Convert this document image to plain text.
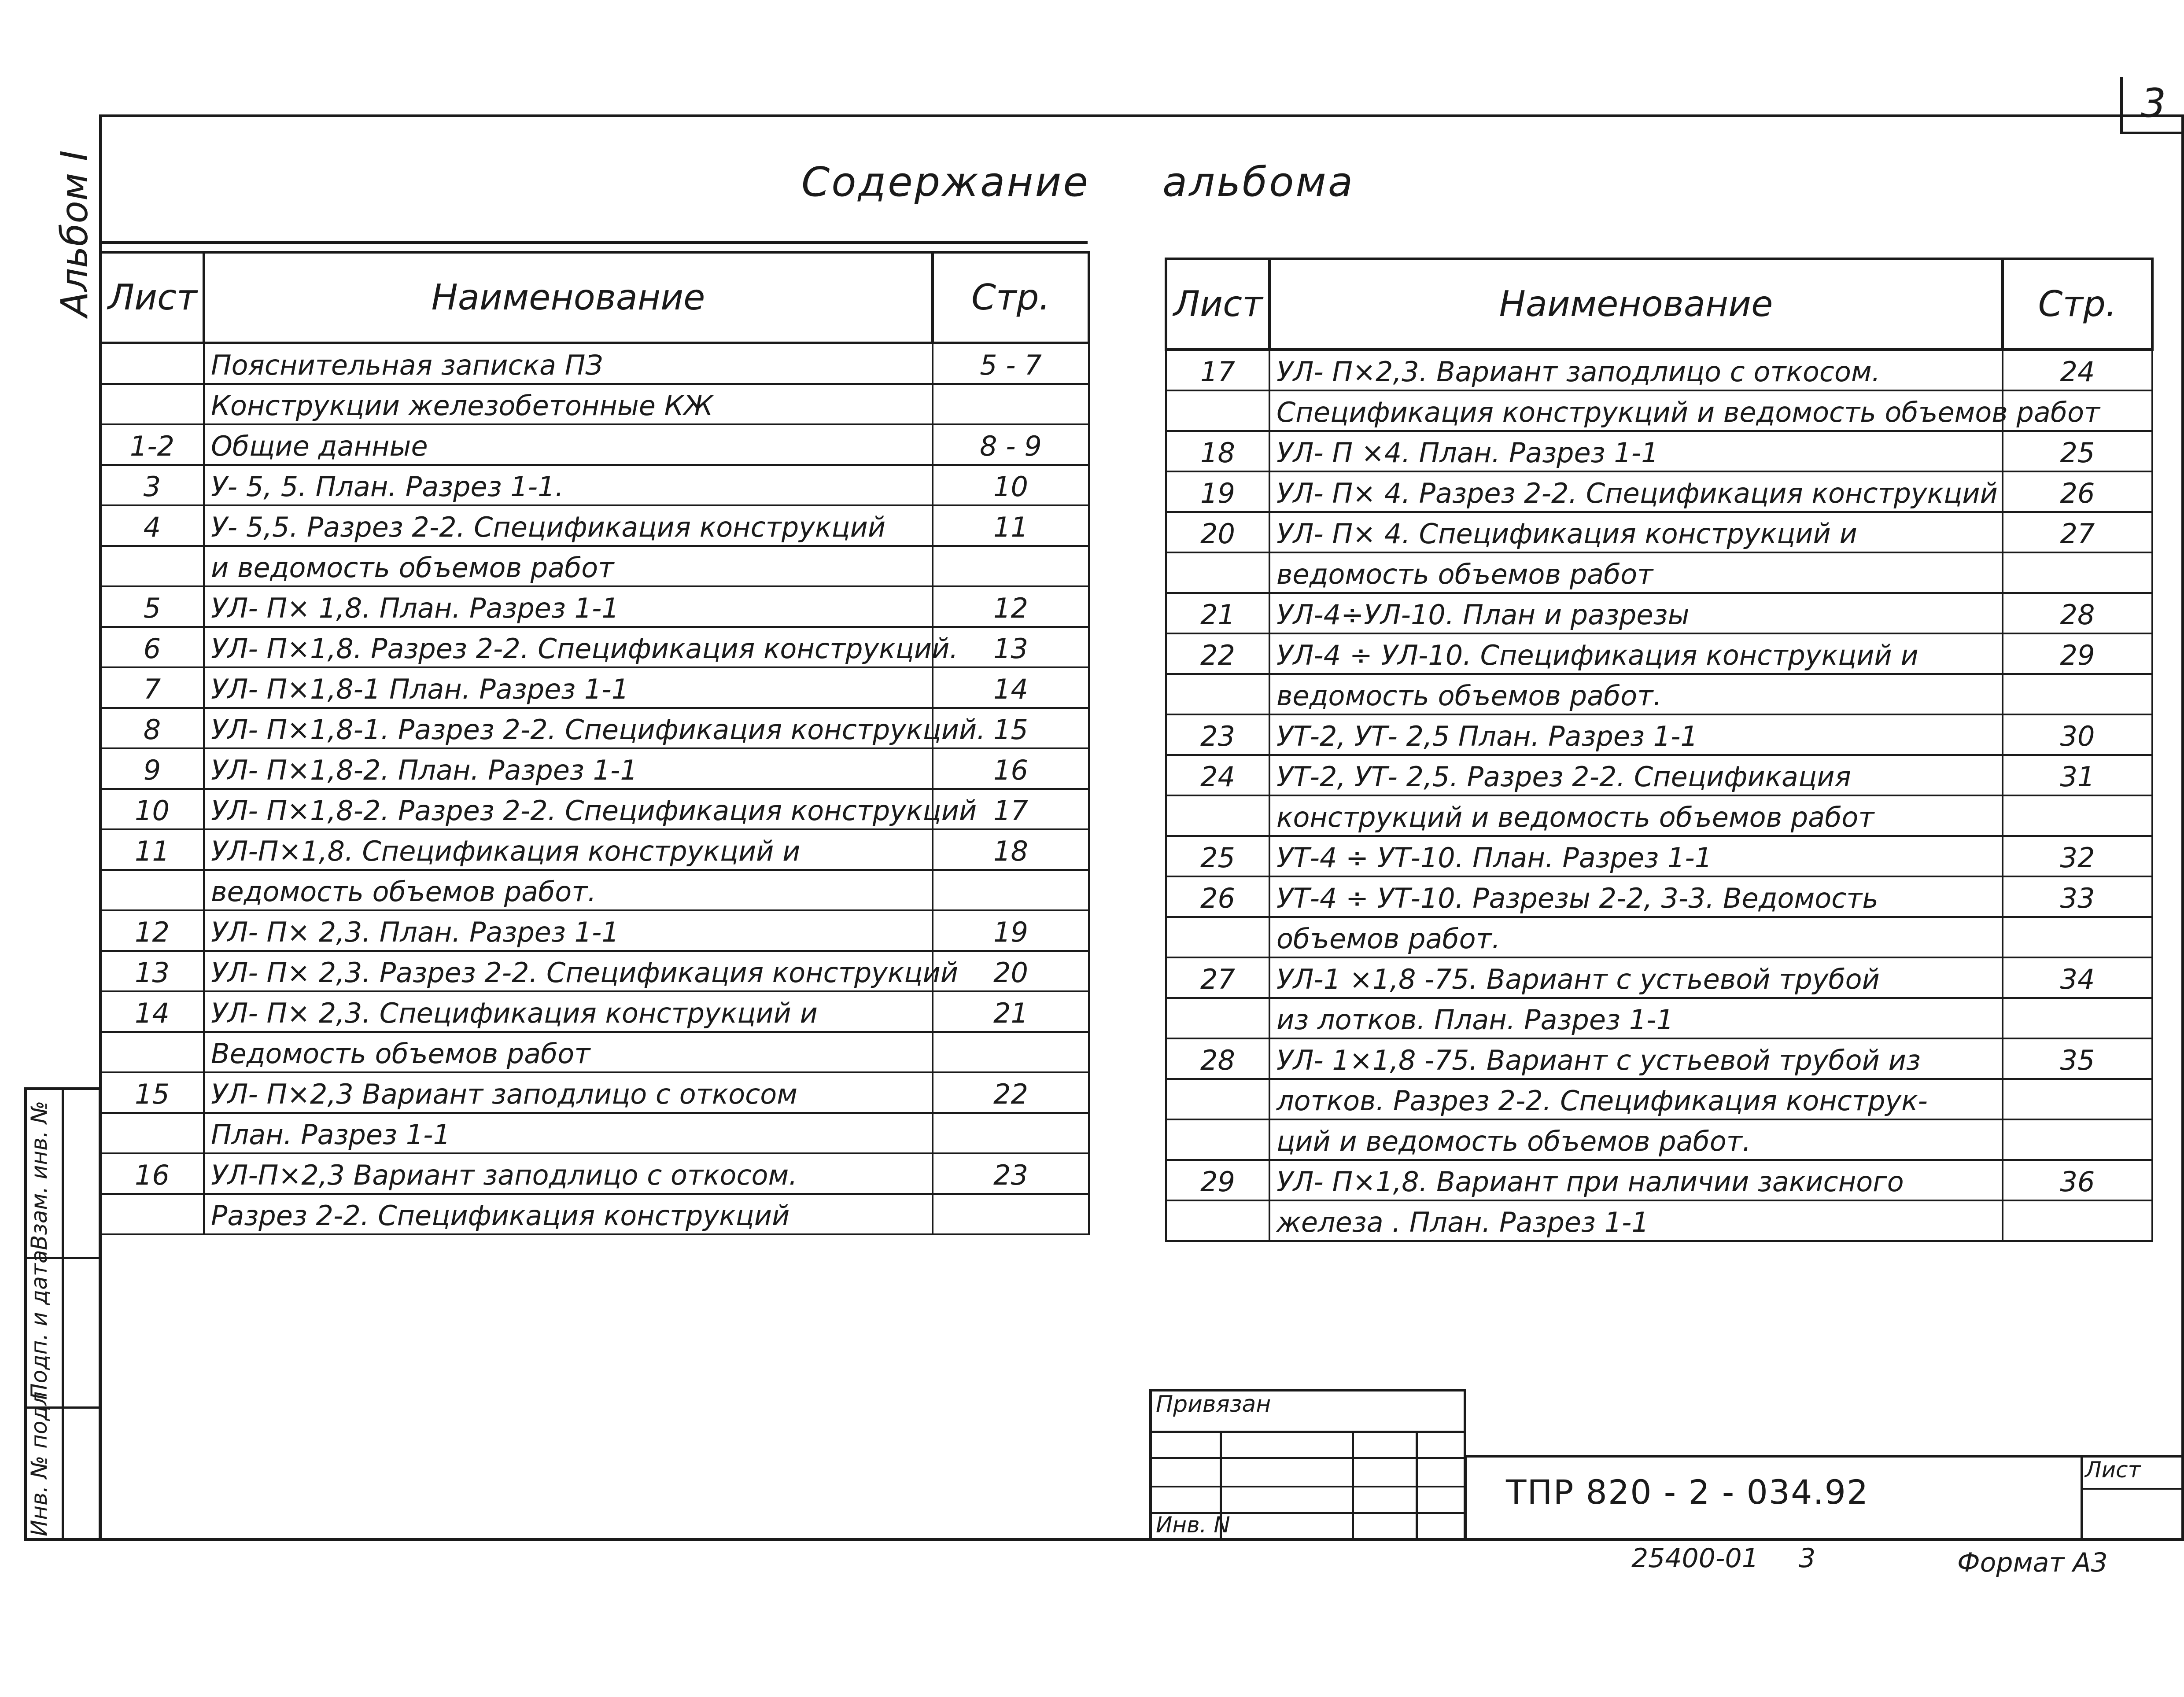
3
Альбом I	Содержание альбома
Лист	Наименование	Стр.
	Пояснительная записка ПЗ	5 - 7
	Конструкции железобетонные КЖ	
1-2	Общие данные	8 - 9
3	У- 5, 5. План. Разрез 1-1.	10
4	У- 5,5. Разрез 2-2. Спецификация конструкций	11
	и ведомость объемов работ	
5	УЛ- П× 1,8. План. Разрез 1-1	12
6	УЛ- П×1,8. Разрез 2-2. Спецификация конструкций.	13
7	УЛ- П×1,8-1 План. Разрез 1-1	14
8	УЛ- П×1,8-1. Разрез 2-2. Спецификация конструкций.	15
9	УЛ- П×1,8-2. План. Разрез 1-1	16
10	УЛ- П×1,8-2. Разрез 2-2. Спецификация конструкций	17
11	УЛ-П×1,8. Спецификация конструкций и	18
	ведомость объемов работ.	
12	УЛ- П× 2,3. План. Разрез 1-1	19
13	УЛ- П× 2,3. Разрез 2-2. Спецификация конструкций	20
14	УЛ- П× 2,3. Спецификация конструкций и	21
	Ведомость объемов работ	
15	УЛ- П×2,3 Вариант заподлицо с откосом	22
	План. Разрез 1-1	
16	УЛ-П×2,3 Вариант заподлицо с откосом.	23
	Разрез 2-2. Спецификация конструкций	
Лист	Наименование	Стр.
17	УЛ- П×2,3. Вариант заподлицо с откосом.	24
	Спецификация конструкций и ведомость объемов работ	
18	УЛ- П ×4. План. Разрез 1-1	25
19	УЛ- П× 4. Разрез 2-2. Спецификация конструкций	26
20	УЛ- П× 4. Спецификация конструкций и	27
	ведомость объемов работ	
21	УЛ-4÷УЛ-10. План и разрезы	28
22	УЛ-4 ÷ УЛ-10. Спецификация конструкций и	29
	ведомость объемов работ.	
23	УТ-2, УТ- 2,5 План. Разрез 1-1	30
24	УТ-2, УТ- 2,5. Разрез 2-2. Спецификация	31
	конструкций и ведомость объемов работ	
25	УТ-4 ÷ УТ-10. План. Разрез 1-1	32
26	УТ-4 ÷ УТ-10. Разрезы 2-2, 3-3. Ведомость	33
	объемов работ.	
27	УЛ-1 ×1,8 -75. Вариант с устьевой трубой	34
	из лотков. План. Разрез 1-1	
28	УЛ- 1×1,8 -75. Вариант с устьевой трубой из	35
	лотков. Разрез 2-2. Спецификация конструк-	
	ций и ведомость объемов работ.	
29	УЛ- П×1,8. Вариант при наличии закисного	36
	железа . План. Разрез 1-1	
Взам. инв. №
Подп. и дата
Инв. № подл	Привязан
Инв. N
ТПР 820 - 2 - 034.92
Лист
25400-01 3	Формат А3
